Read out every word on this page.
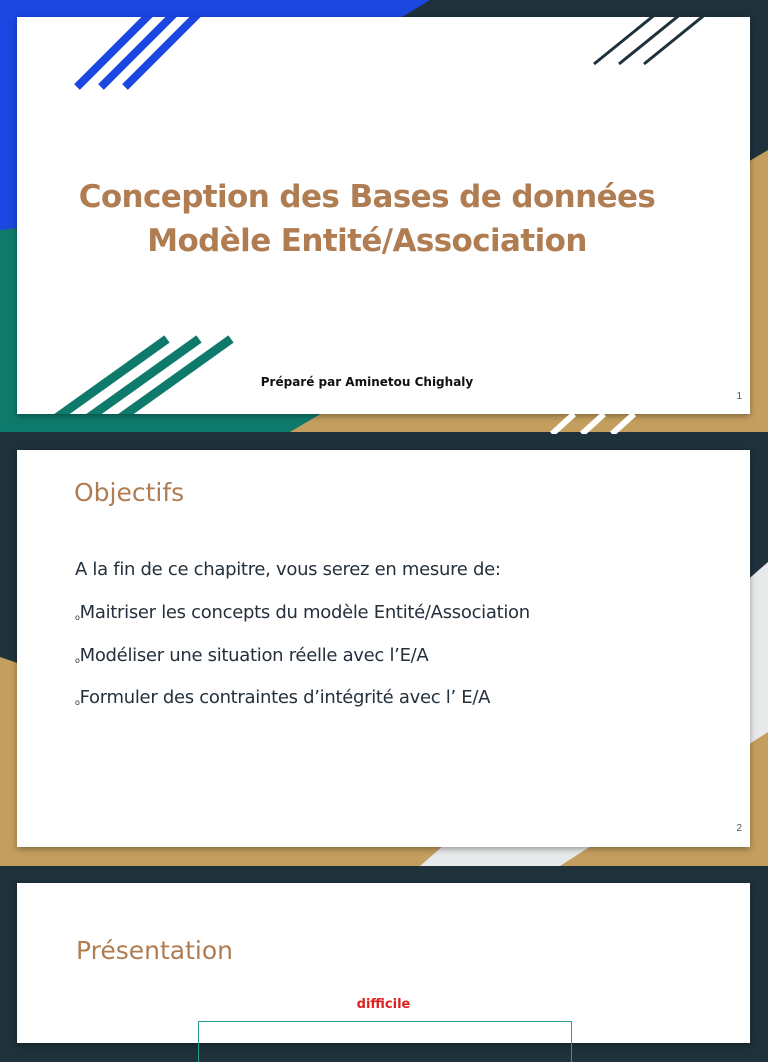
Conception des Bases de données
Modèle Entité/Association
Préparé par Aminetou Chighaly
1
Objectifs
A la fin de ce chapitre, vous serez en mesure de:
oMaitriser les concepts du modèle Entité/Association
oModéliser une situation réelle avec l’E/A
oFormuler des contraintes d’intégrité avec l’ E/A
2
Présentation
difficile
